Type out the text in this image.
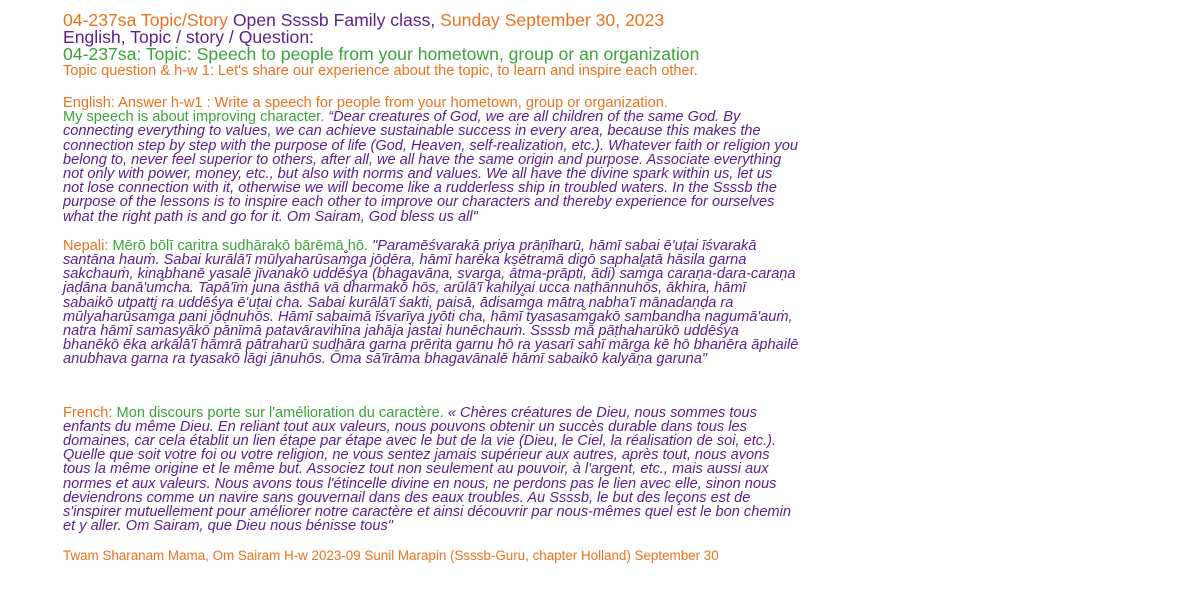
04-237sa Topic/Story Open Ssssb Family class, Sunday September 30, 2023
English, Topic / story / Question:
04-237sa: Topic: Speech to people from your hometown, group or an organization
Topic question & h-w 1: Let's share our experience about the topic, to learn and inspire each other.
English: Answer h-w1 : Write a speech for people from your hometown, group or organization.
My speech is about improving character. “Dear creatures of God, we are all children of the same God. By
connecting everything to values, we can achieve sustainable success in every area, because this makes the
connection step by step with the purpose of life (God, Heaven, self-realization, etc.). Whatever faith or religion you
belong to, never feel superior to others, after all, we all have the same origin and purpose. Associate everything
not only with power, money, etc., but also with norms and values. We all have the divine spark within us, let us
not lose connection with it, otherwise we will become like a rudderless ship in troubled waters. In the Ssssb the
purpose of the lessons is to inspire each other to improve our characters and thereby experience for ourselves
what the right path is and go for it. Om Sairam, God bless us all"
Nepali: Mērō bōlī caritra sudhārakō bārēmā hō. "Paramēśvarakā priya prāṇīharū, hāmī sabai ē'uṭai īśvarakā
santāna hauṁ. Sabai kurālā'ī mūlyaharūsam̐ga jōḍēra, hāmī harēka kṣētramā digō saphalatā hāsila garna
sakchauṁ, kinabhanē yasalē jīvanakō uddēśya (bhagavāna, svarga, ātma-prāpti, ādi) sam̐ga caraṇa-dara-caraṇa
jaḍāna banā'um̐cha. Tapā'īṁ juna āsthā vā dharmakō hōs, arūlā'ī kahilyai ucca naṭhānnuhōs, ākhira, hāmī
sabaikō utpatti ra uddēśya ē'uṭai cha. Sabai kurālā'ī śakti, paisā, ādisam̐ga mātra nabha'ī mānadaṇḍa ra
mūlyaharūsam̐ga pani jōḍnuhōs. Hāmī sabaimā īśvarīya jyōti cha, hāmī tyasasam̐gakō sambandha nagumā'auṁ,
natra hāmī samasyākō pānīmā patavāravihīna jahāja jastai hunēchauṁ. Ssssb mā pāṭhaharūkō uddēśya
bhanēkō ēka arkālā'ī hāmrā pātraharū sudhāra garna prērita garnu hō ra yasarī sahī mārga kē hō bhanēra āphailē
anubhava garna ra tyasakō lāgi jānuhōs. Ōma sā'īrāma bhagavānalē hāmī sabaikō kalyāṇa garuna"
French: Mon discours porte sur l'amélioration du caractère. « Chères créatures de Dieu, nous sommes tous
enfants du même Dieu. En reliant tout aux valeurs, nous pouvons obtenir un succès durable dans tous les
domaines, car cela établit un lien étape par étape avec le but de la vie (Dieu, le Ciel, la réalisation de soi, etc.).
Quelle que soit votre foi ou votre religion, ne vous sentez jamais supérieur aux autres, après tout, nous avons
tous la même origine et le même but. Associez tout non seulement au pouvoir, à l'argent, etc., mais aussi aux
normes et aux valeurs. Nous avons tous l'étincelle divine en nous, ne perdons pas le lien avec elle, sinon nous
deviendrons comme un navire sans gouvernail dans des eaux troubles. Au Ssssb, le but des leçons est de
s'inspirer mutuellement pour améliorer notre caractère et ainsi découvrir par nous-mêmes quel est le bon chemin
et y aller. Om Sairam, que Dieu nous bénisse tous"
Twam Sharanam Mama, Om Sairam H-w 2023-09 Sunil Marapin (Ssssb-Guru, chapter Holland) September 30
